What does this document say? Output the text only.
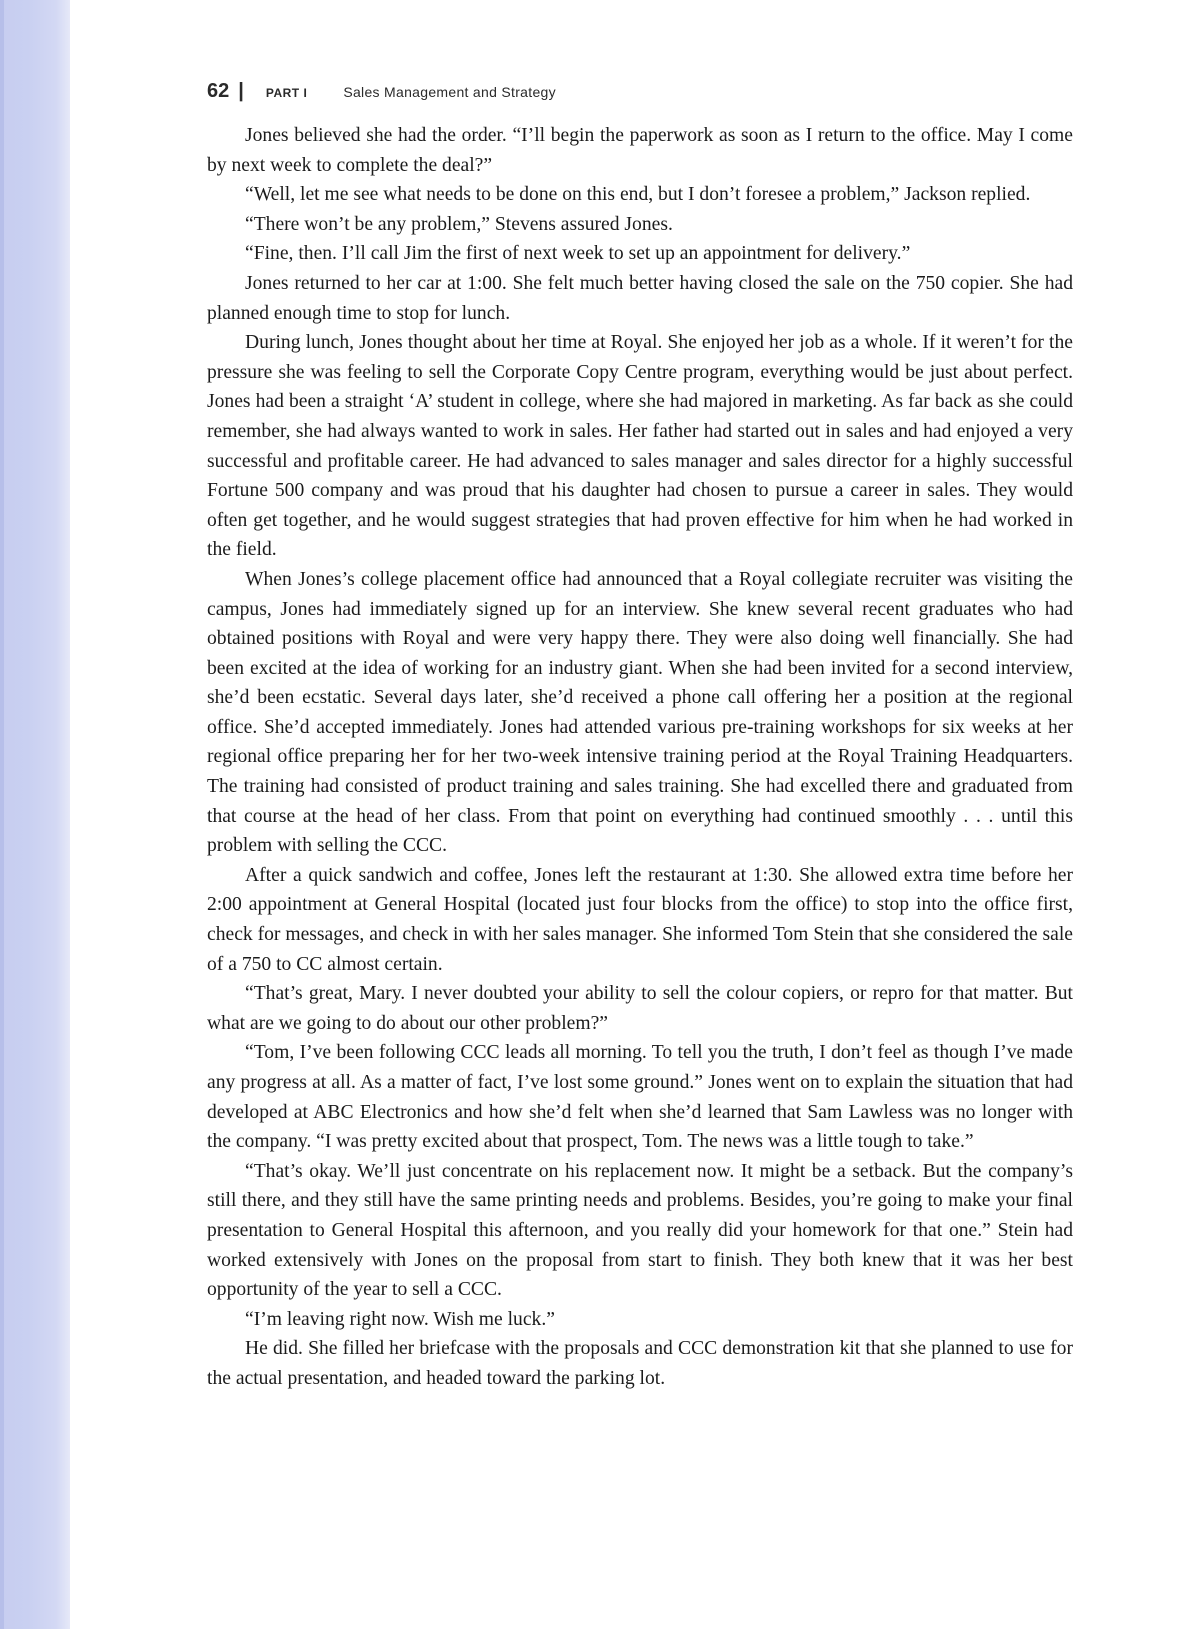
62 | PART I	Sales Management and Strategy

Jones believed she had the order. “I’ll begin the paperwork as soon as I return to the office. May I come by next week to complete the deal?”

“Well, let me see what needs to be done on this end, but I don’t foresee a problem,” Jackson replied.

“There won’t be any problem,” Stevens assured Jones.

“Fine, then. I’ll call Jim the first of next week to set up an appointment for delivery.”

Jones returned to her car at 1:00. She felt much better having closed the sale on the 750 copier. She had planned enough time to stop for lunch.

During lunch, Jones thought about her time at Royal. She enjoyed her job as a whole. If it weren’t for the pressure she was feeling to sell the Corporate Copy Centre program, everything would be just about perfect. Jones had been a straight ‘A’ student in college, where she had majored in marketing. As far back as she could remember, she had always wanted to work in sales. Her father had started out in sales and had enjoyed a very successful and profitable career. He had advanced to sales manager and sales director for a highly successful Fortune 500 company and was proud that his daughter had chosen to pursue a career in sales. They would often get together, and he would suggest strategies that had proven effective for him when he had worked in the field.

When Jones’s college placement office had announced that a Royal collegiate recruiter was visiting the campus, Jones had immediately signed up for an interview. She knew several recent graduates who had obtained positions with Royal and were very happy there. They were also doing well financially. She had been excited at the idea of working for an industry giant. When she had been invited for a second interview, she’d been ecstatic. Several days later, she’d received a phone call offering her a position at the regional office. She’d accepted immediately. Jones had attended various pre-training workshops for six weeks at her regional office preparing her for her two-week intensive training period at the Royal Training Headquarters. The training had consisted of product training and sales training. She had excelled there and graduated from that course at the head of her class. From that point on everything had continued smoothly . . . until this problem with selling the CCC.

After a quick sandwich and coffee, Jones left the restaurant at 1:30. She allowed extra time before her 2:00 appointment at General Hospital (located just four blocks from the office) to stop into the office first, check for messages, and check in with her sales manager. She informed Tom Stein that she considered the sale of a 750 to CC almost certain.

“That’s great, Mary. I never doubted your ability to sell the colour copiers, or repro for that matter. But what are we going to do about our other problem?”

“Tom, I’ve been following CCC leads all morning. To tell you the truth, I don’t feel as though I’ve made any progress at all. As a matter of fact, I’ve lost some ground.” Jones went on to explain the situation that had developed at ABC Electronics and how she’d felt when she’d learned that Sam Lawless was no longer with the company. “I was pretty excited about that prospect, Tom. The news was a little tough to take.”

“That’s okay. We’ll just concentrate on his replacement now. It might be a setback. But the company’s still there, and they still have the same printing needs and problems. Besides, you’re going to make your final presentation to General Hospital this afternoon, and you really did your homework for that one.” Stein had worked extensively with Jones on the proposal from start to finish. They both knew that it was her best opportunity of the year to sell a CCC.

“I’m leaving right now. Wish me luck.”

He did. She filled her briefcase with the proposals and CCC demonstration kit that she planned to use for the actual presentation, and headed toward the parking lot.
